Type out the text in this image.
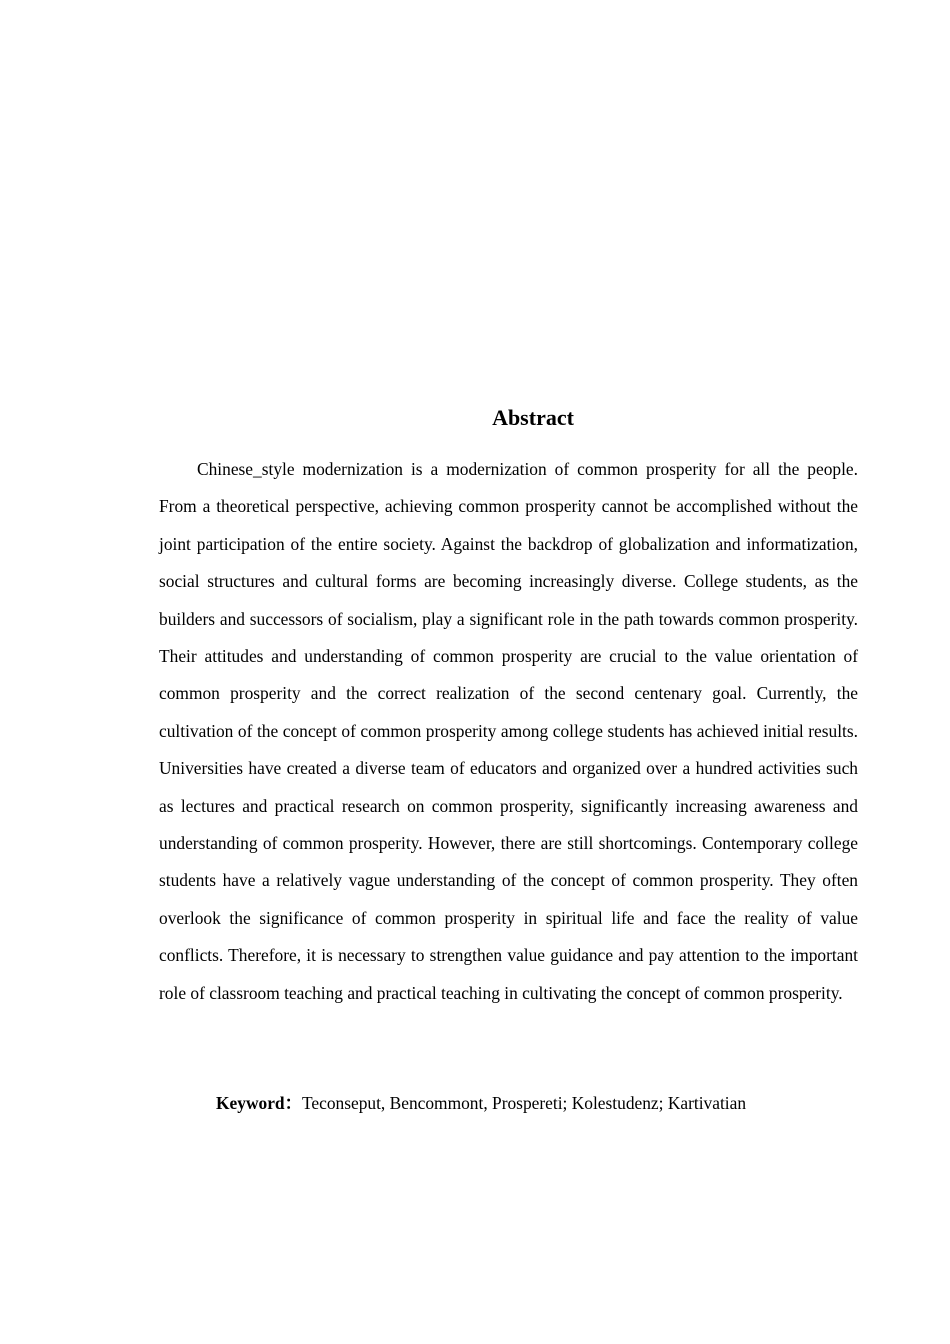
Abstract

Chinese_style modernization is a modernization of common prosperity for all the people. From a theoretical perspective, achieving common prosperity cannot be accomplished without the joint participation of the entire society. Against the backdrop of globalization and informatization, social structures and cultural forms are becoming increasingly diverse. College students, as the builders and successors of socialism, play a significant role in the path towards common prosperity. Their attitudes and understanding of common prosperity are crucial to the value orientation of common prosperity and the correct realization of the second centenary goal. Currently, the cultivation of the concept of common prosperity among college students has achieved initial results. Universities have created a diverse team of educators and organized over a hundred activities such as lectures and practical research on common prosperity, significantly increasing awareness and understanding of common prosperity. However, there are still shortcomings. Contemporary college students have a relatively vague understanding of the concept of common prosperity. They often overlook the significance of common prosperity in spiritual life and face the reality of value conflicts. Therefore, it is necessary to strengthen value guidance and pay attention to the important role of classroom teaching and practical teaching in cultivating the concept of common prosperity.

Keyword：Teconseput, Bencommont, Prospereti; Kolestudenz; Kartivatian
